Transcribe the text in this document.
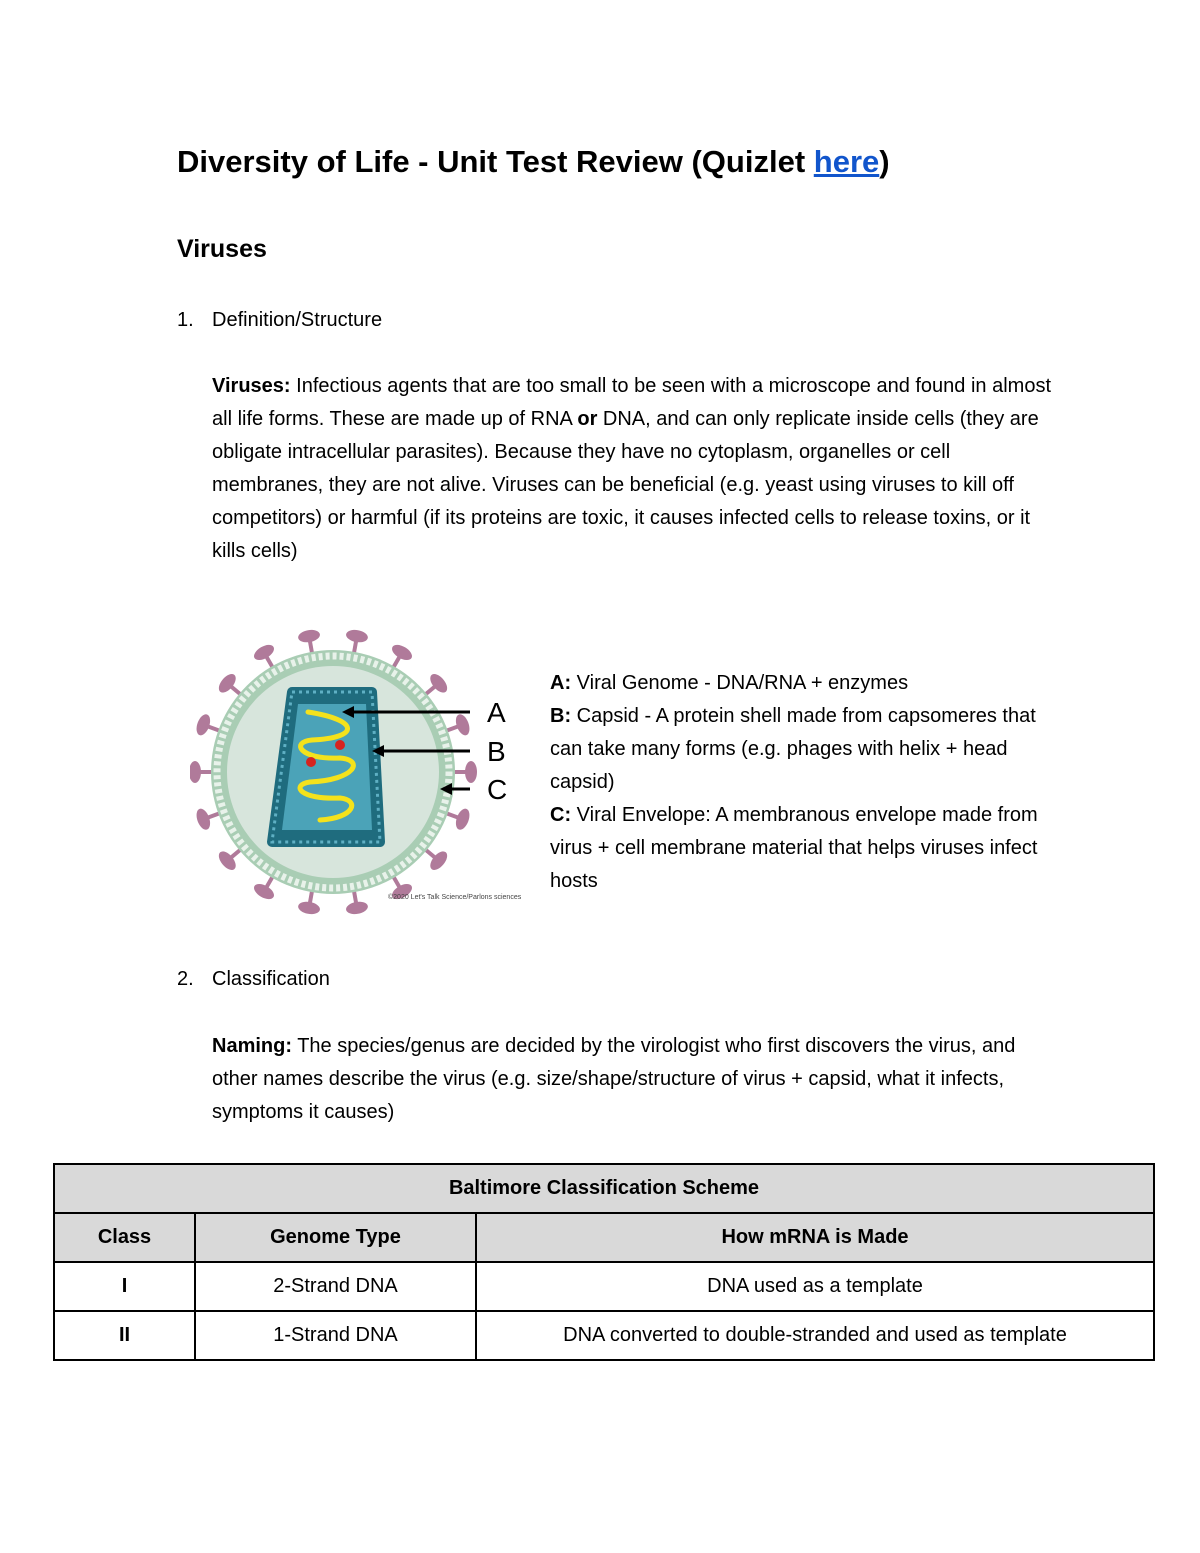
Diversity of Life - Unit Test Review (Quizlet here)
Viruses
1. Definition/Structure

Viruses: Infectious agents that are too small to be seen with a microscope and found in almost all life forms. These are made up of RNA or DNA, and can only replicate inside cells (they are obligate intracellular parasites). Because they have no cytoplasm, organelles or cell membranes, they are not alive. Viruses can be beneficial (e.g. yeast using viruses to kill off competitors) or harmful (if its proteins are toxic, it causes infected cells to release toxins, or it kills cells)

A
B
C
©2020 Let's Talk Science/Parlons sciences
A: Viral Genome - DNA/RNA + enzymes
B: Capsid - A protein shell made from capsomeres that can take many forms (e.g. phages with helix + head capsid)
C: Viral Envelope: A membranous envelope made from virus + cell membrane material that helps viruses infect hosts
2. Classification

Naming: The species/genus are decided by the virologist who first discovers the virus, and other names describe the virus (e.g. size/shape/structure of virus + capsid, what it infects, symptoms it causes)

Baltimore Classification Scheme		
Class	Genome Type	How mRNA is Made
I	2-Strand DNA	DNA used as a template
II	1-Strand DNA	DNA converted to double-stranded and used as template
